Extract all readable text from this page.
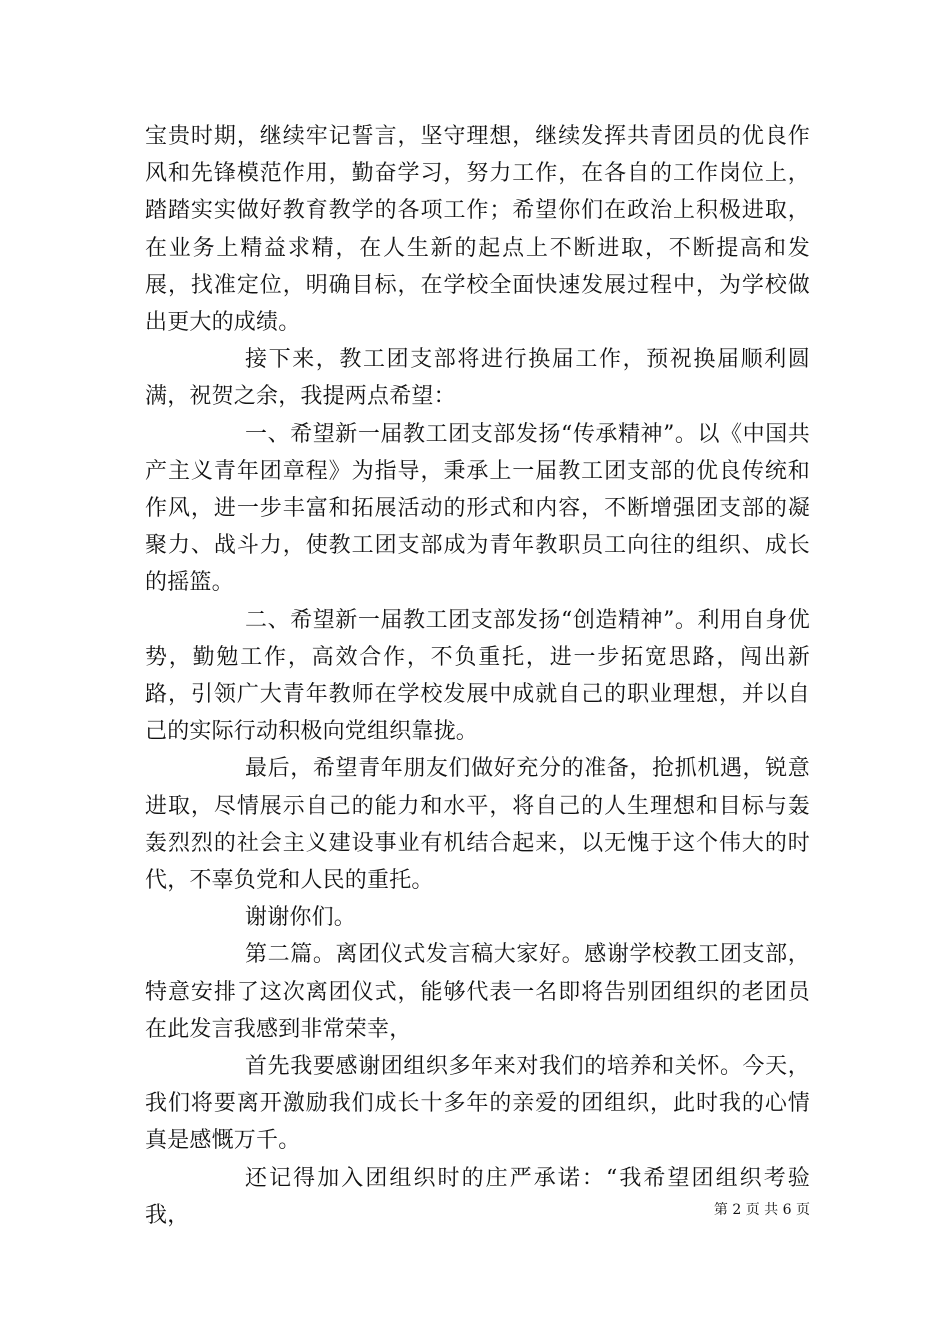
宝贵时期，继续牢记誓言，坚守理想，继续发挥共青团员的优良作风和先锋模范作用，勤奋学习，努力工作，在各自的工作岗位上，踏踏实实做好教育教学的各项工作；希望你们在政治上积极进取，在业务上精益求精，在人生新的起点上不断进取，不断提高和发展，找准定位，明确目标，在学校全面快速发展过程中，为学校做出更大的成绩。

接下来，教工团支部将进行换届工作，预祝换届顺利圆满，祝贺之余，我提两点希望：

一、希望新一届教工团支部发扬“传承精神”。以《中国共产主义青年团章程》为指导，秉承上一届教工团支部的优良传统和作风，进一步丰富和拓展活动的形式和内容，不断增强团支部的凝聚力、战斗力，使教工团支部成为青年教职员工向往的组织、成长的摇篮。

二、希望新一届教工团支部发扬“创造精神”。利用自身优势，勤勉工作，高效合作，不负重托，进一步拓宽思路，闯出新路，引领广大青年教师在学校发展中成就自己的职业理想，并以自己的实际行动积极向党组织靠拢。

最后，希望青年朋友们做好充分的准备，抢抓机遇，锐意进取，尽情展示自己的能力和水平，将自己的人生理想和目标与轰轰烈烈的社会主义建设事业有机结合起来，以无愧于这个伟大的时代，不辜负党和人民的重托。

谢谢你们。

第二篇。离团仪式发言稿大家好。感谢学校教工团支部，特意安排了这次离团仪式，能够代表一名即将告别团组织的老团员在此发言我感到非常荣幸，

首先我要感谢团组织多年来对我们的培养和关怀。今天，我们将要离开激励我们成长十多年的亲爱的团组织，此时我的心情真是感慨万千。

还记得加入团组织时的庄严承诺：“我希望团组织考验我，	第 2 页 共 6 页
